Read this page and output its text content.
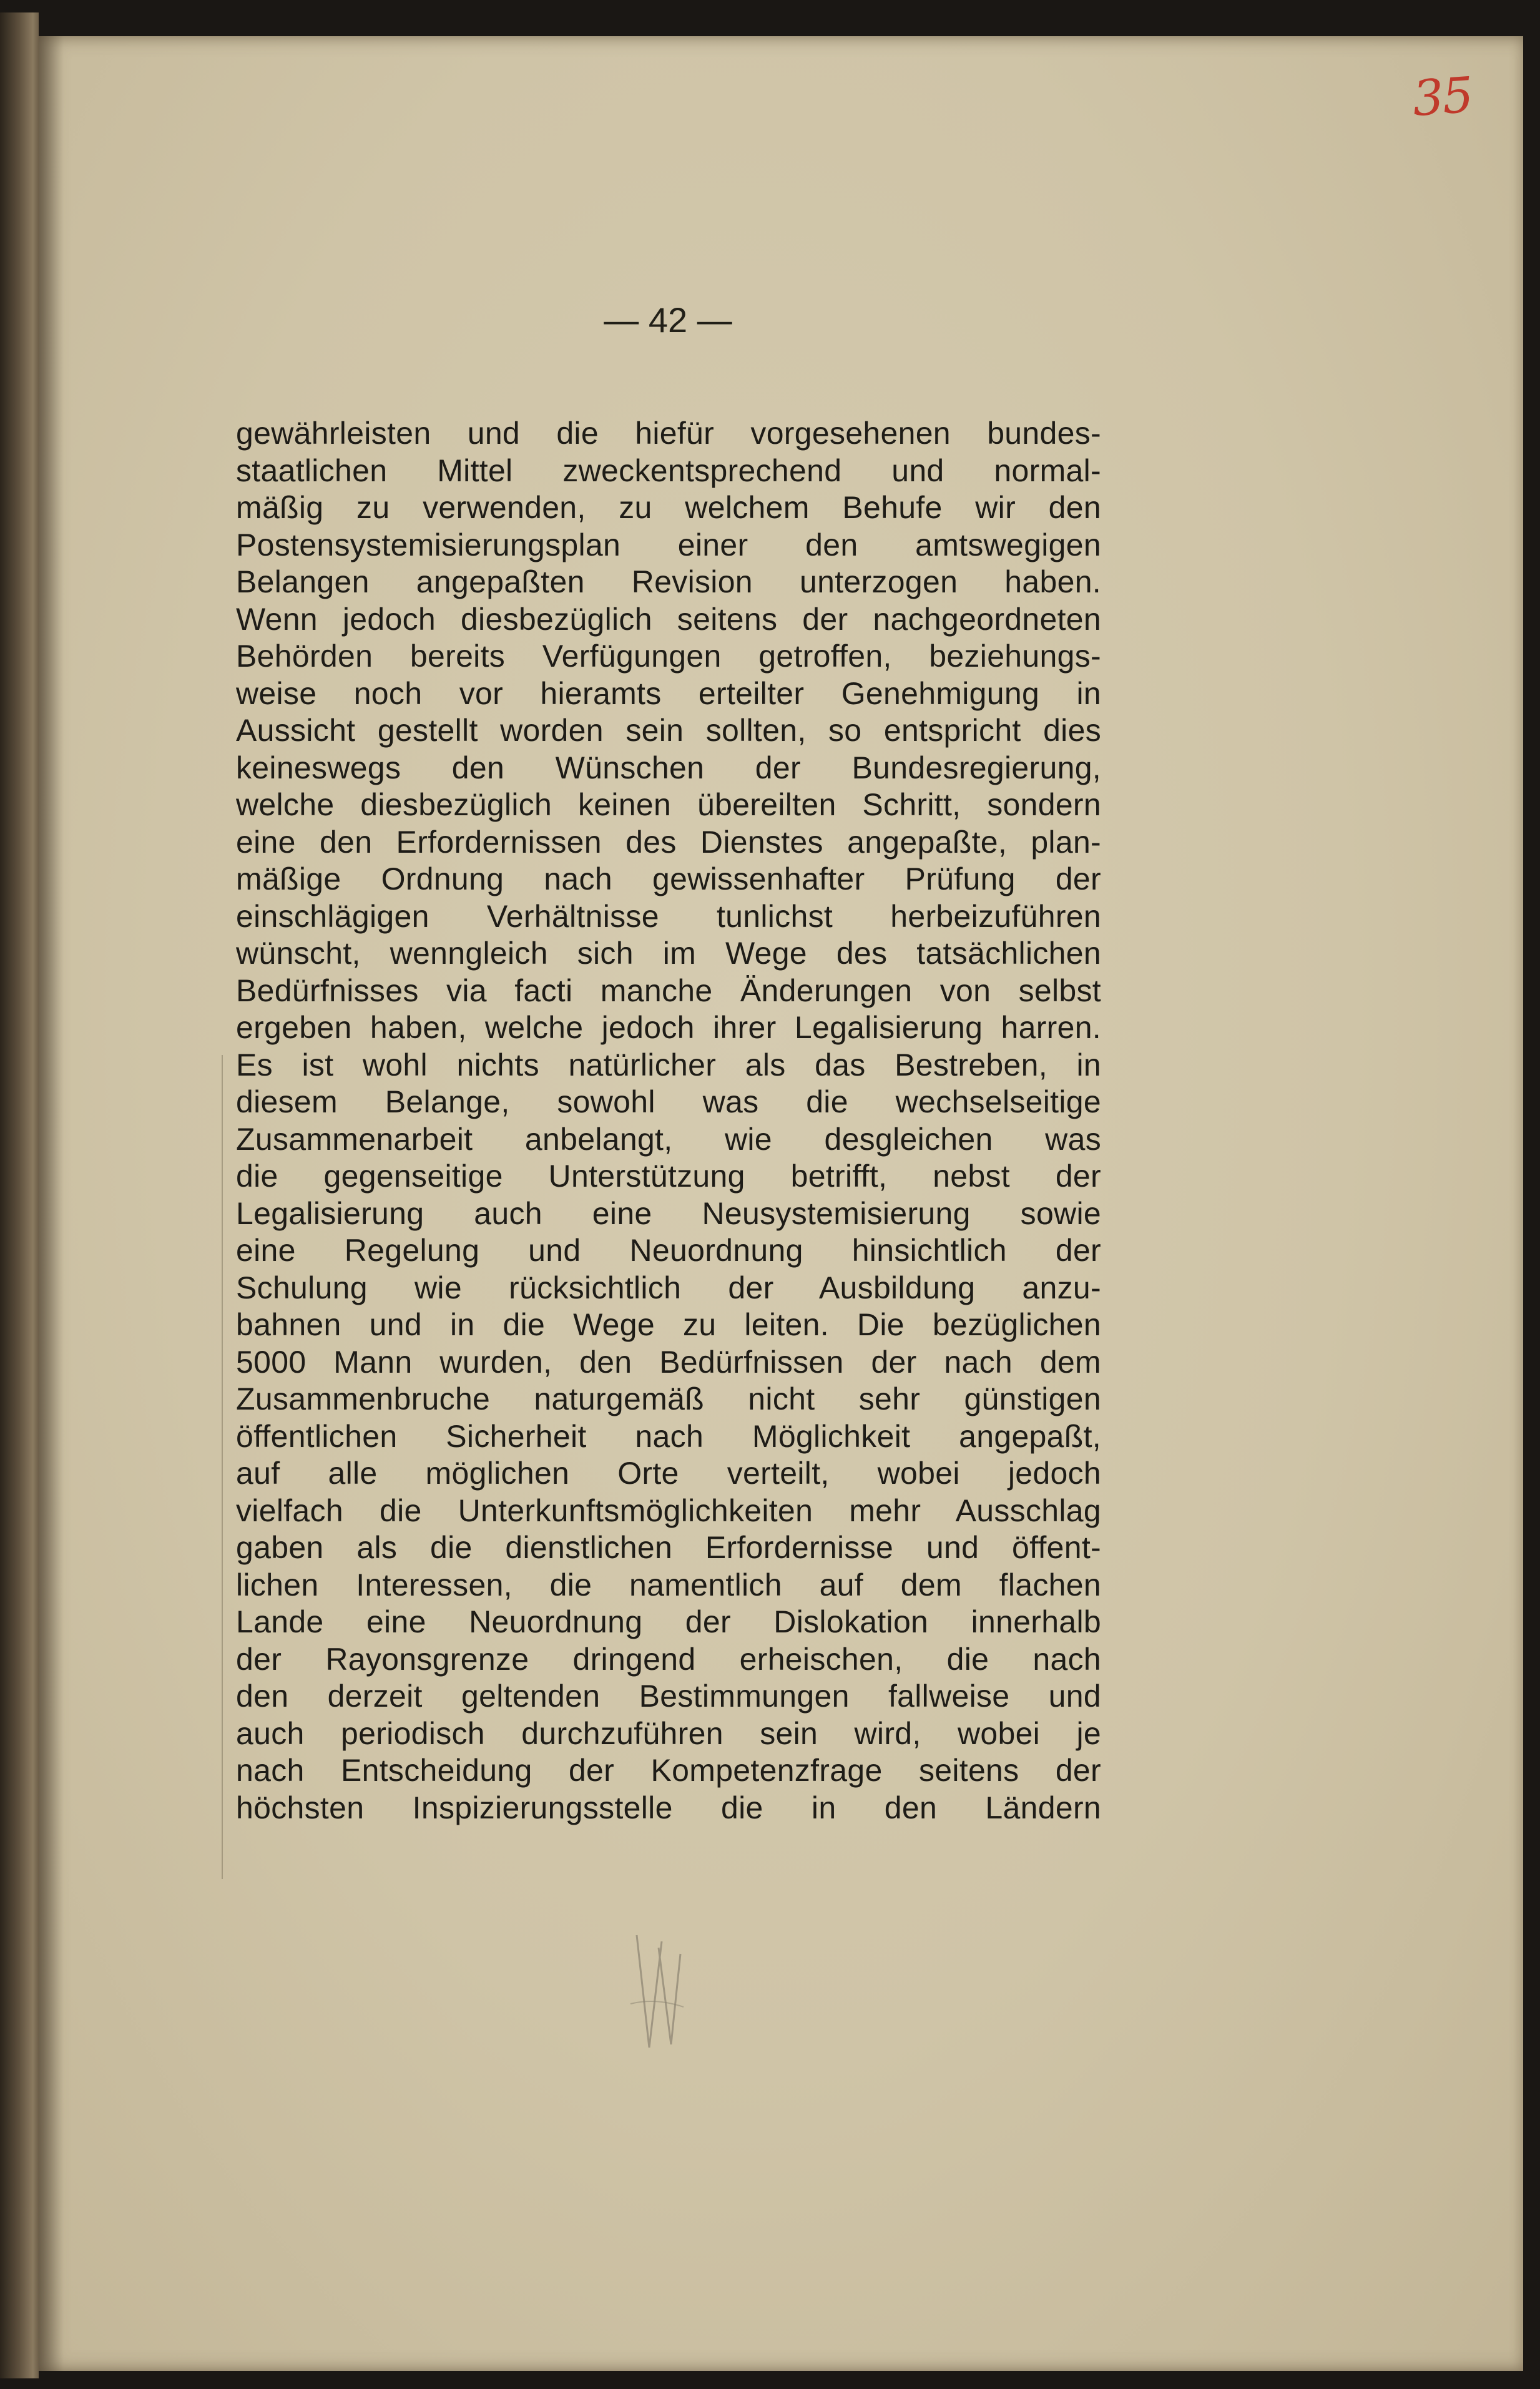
35
— 42 —
gewährleisten und die hiefür vorgesehenen bundes-
staatlichen Mittel zweckentsprechend und normal-
mäßig zu verwenden, zu welchem Behufe wir den
Postensystemisierungsplan einer den amtswegigen
Belangen angepaßten Revision unterzogen haben.
Wenn jedoch diesbezüglich seitens der nachgeordneten
Behörden bereits Verfügungen getroffen, beziehungs-
weise noch vor hieramts erteilter Genehmigung in
Aussicht gestellt worden sein sollten, so entspricht dies
keineswegs den Wünschen der Bundesregierung,
welche diesbezüglich keinen übereilten Schritt, sondern
eine den Erfordernissen des Dienstes angepaßte, plan-
mäßige Ordnung nach gewissenhafter Prüfung der
einschlägigen Verhältnisse tunlichst herbeizuführen
wünscht, wenngleich sich im Wege des tatsächlichen
Bedürfnisses via facti manche Änderungen von selbst
ergeben haben, welche jedoch ihrer Legalisierung harren.
Es ist wohl nichts natürlicher als das Bestreben, in
diesem Belange, sowohl was die wechselseitige
Zusammenarbeit anbelangt, wie desgleichen was
die gegenseitige Unterstützung betrifft, nebst der
Legalisierung auch eine Neusystemisierung sowie
eine Regelung und Neuordnung hinsichtlich der
Schulung wie rücksichtlich der Ausbildung anzu-
bahnen und in die Wege zu leiten. Die bezüglichen
5000 Mann wurden, den Bedürfnissen der nach dem
Zusammenbruche naturgemäß nicht sehr günstigen
öffentlichen Sicherheit nach Möglichkeit angepaßt,
auf alle möglichen Orte verteilt, wobei jedoch
vielfach die Unterkunftsmöglichkeiten mehr Ausschlag
gaben als die dienstlichen Erfordernisse und öffent-
lichen Interessen, die namentlich auf dem flachen
Lande eine Neuordnung der Dislokation innerhalb
der Rayonsgrenze dringend erheischen, die nach
den derzeit geltenden Bestimmungen fallweise und
auch periodisch durchzuführen sein wird, wobei je
nach Entscheidung der Kompetenzfrage seitens der
höchsten Inspizierungsstelle die in den Ländern
